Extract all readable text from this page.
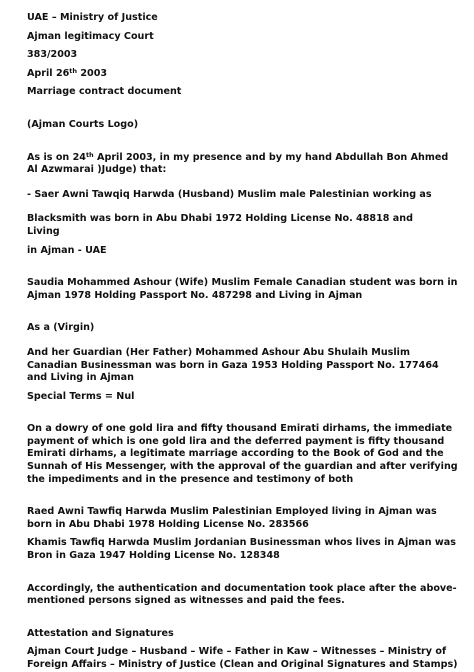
UAE – Ministry of Justice

Ajman legitimacy Court

383/2003

April 26th 2003

Marriage contract document

(Ajman Courts Logo)

As is on 24th April 2003, in my presence and by my hand Abdullah Bon Ahmed

Al Azwmarai )Judge) that:

- Saer Awni Tawqiq Harwda (Husband) Muslim male Palestinian working as

Blacksmith was born in Abu Dhabi 1972 Holding License No. 48818 and

Living

in Ajman - UAE

Saudia Mohammed Ashour (Wife) Muslim Female Canadian student was born in

Ajman 1978 Holding Passport No. 487298 and Living in Ajman

As a (Virgin)

And her Guardian (Her Father) Mohammed Ashour Abu Shulaih Muslim

Canadian Businessman was born in Gaza 1953 Holding Passport No. 177464

and Living in Ajman

Special Terms = Nul

On a dowry of one gold lira and fifty thousand Emirati dirhams, the immediate

payment of which is one gold lira and the deferred payment is fifty thousand

Emirati dirhams, a legitimate marriage according to the Book of God and the

Sunnah of His Messenger, with the approval of the guardian and after verifying

the impediments and in the presence and testimony of both

Raed Awni Tawfiq Harwda Muslim Palestinian Employed living in Ajman was

born in Abu Dhabi 1978 Holding License No. 283566

Khamis Tawfiq Harwda Muslim Jordanian Businessman whos lives in Ajman was

Bron in Gaza 1947 Holding License No. 128348

Accordingly, the authentication and documentation took place after the above-

mentioned persons signed as witnesses and paid the fees.

Attestation and Signatures

Ajman Court Judge – Husband – Wife – Father in Kaw – Witnesses – Ministry of

Foreign Affairs – Ministry of Justice (Clean and Original Signatures and Stamps)
